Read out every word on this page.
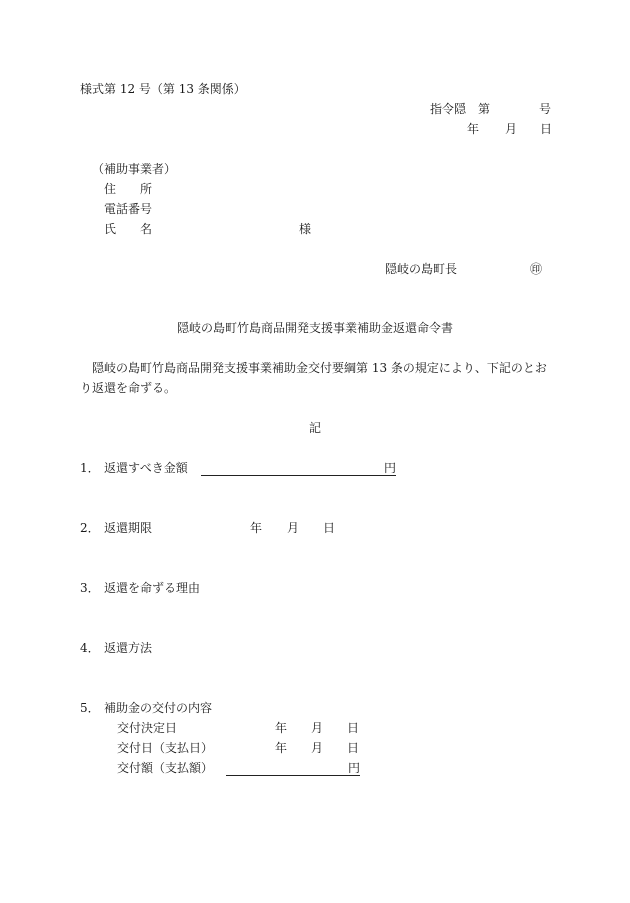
様式第 12 号（第 13 条関係）
指令隠 第	号
年 月 日
（補助事業者）
住　　所
電話番号
氏　　名	様
隠岐の島町長	㊞
隠岐の島町竹島商品開発支援事業補助金返還命令書
隠岐の島町竹島商品開発支援事業補助金交付要綱第 13 条の規定により、下記のとお
り返還を命ずる。
記
1． 返還すべき金額	円
2． 返還期限	年 月 日
3． 返還を命ずる理由
4． 返還方法
5． 補助金の交付の内容
交付決定日	年 月 日
交付日（支払日）	年 月 日
交付額（支払額）	円
